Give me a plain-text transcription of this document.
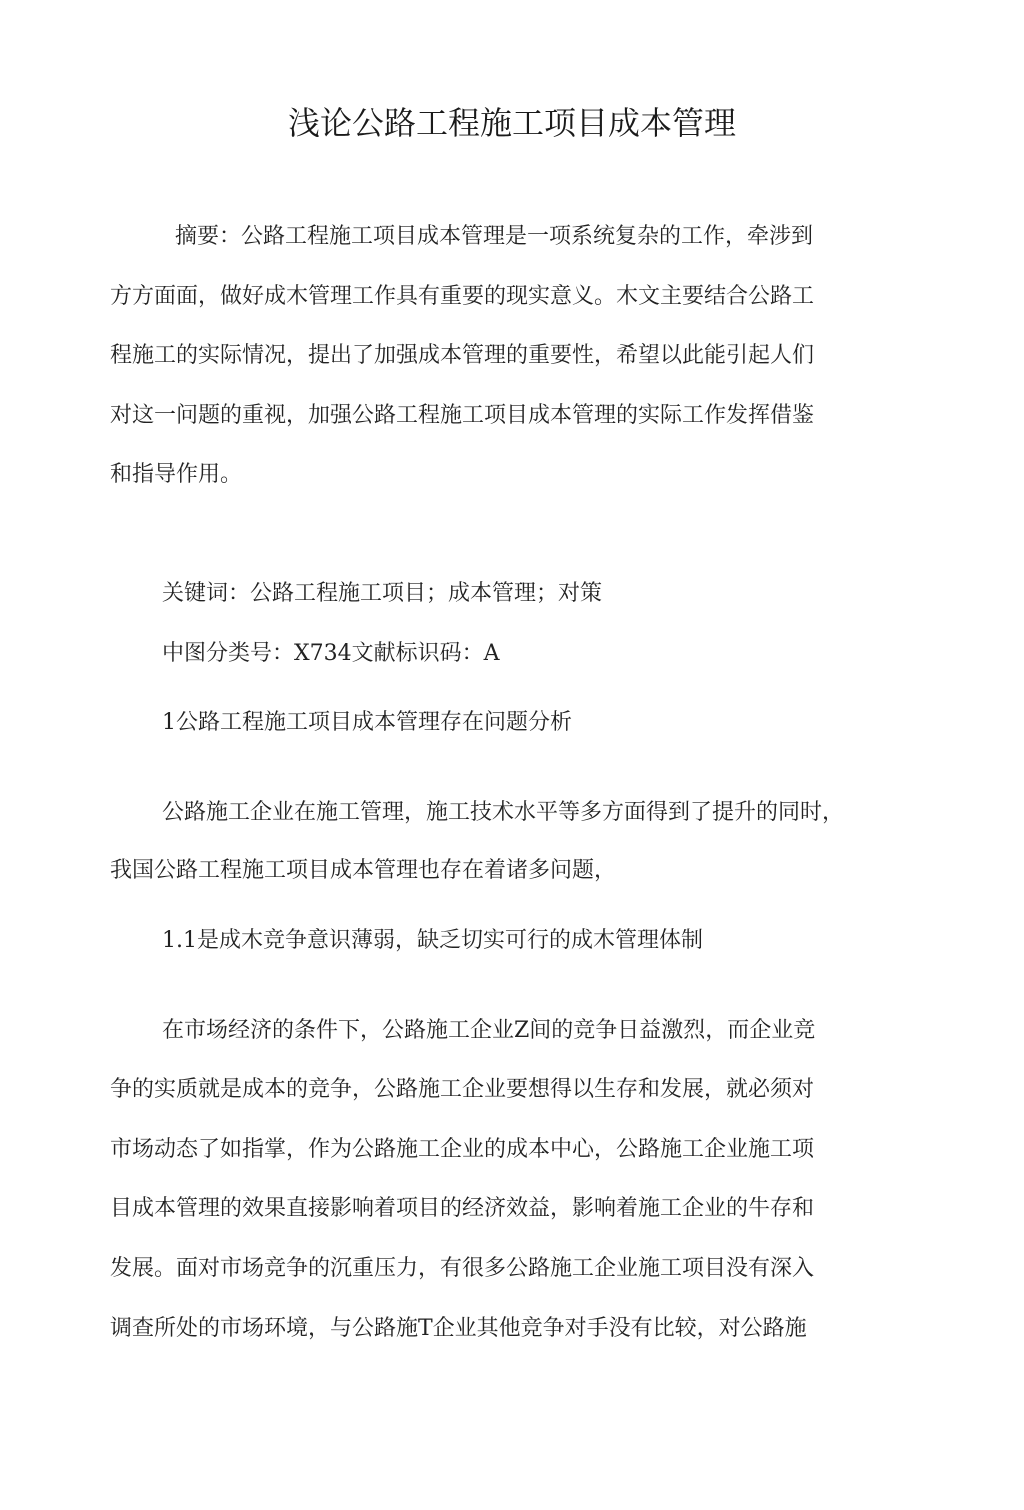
浅论公路工程施工项目成本管理
摘要：公路工程施工项目成本管理是一项系统复杂的工作，牵涉到
方方面面，做好成木管理工作具有重要的现实意义。木文主要结合公路工
程施工的实际情况，提出了加强成本管理的重要性，希望以此能引起人们
对这一问题的重视，加强公路工程施工项目成本管理的实际工作发挥借鉴
和指导作用。
关键词：公路工程施工项目；成本管理；对策
中图分类号：X734文献标识码：A
1公路工程施工项目成本管理存在问题分析
公路施工企业在施工管理，施工技术水平等多方面得到了提升的同时，
我国公路工程施工项目成本管理也存在着诸多问题，
1.1是成木竞争意识薄弱，缺乏切实可行的成木管理体制
在市场经济的条件下，公路施工企业Z间的竞争日益激烈，而企业竞
争的实质就是成本的竞争，公路施工企业要想得以生存和发展，就必须对
市场动态了如指掌，作为公路施工企业的成本中心，公路施工企业施工项
目成本管理的效果直接影响着项目的经济效益，影响着施工企业的牛存和
发展。面对市场竞争的沉重压力，有很多公路施工企业施工项目没有深入
调查所处的市场环境，与公路施T企业其他竞争对手没有比较，对公路施
